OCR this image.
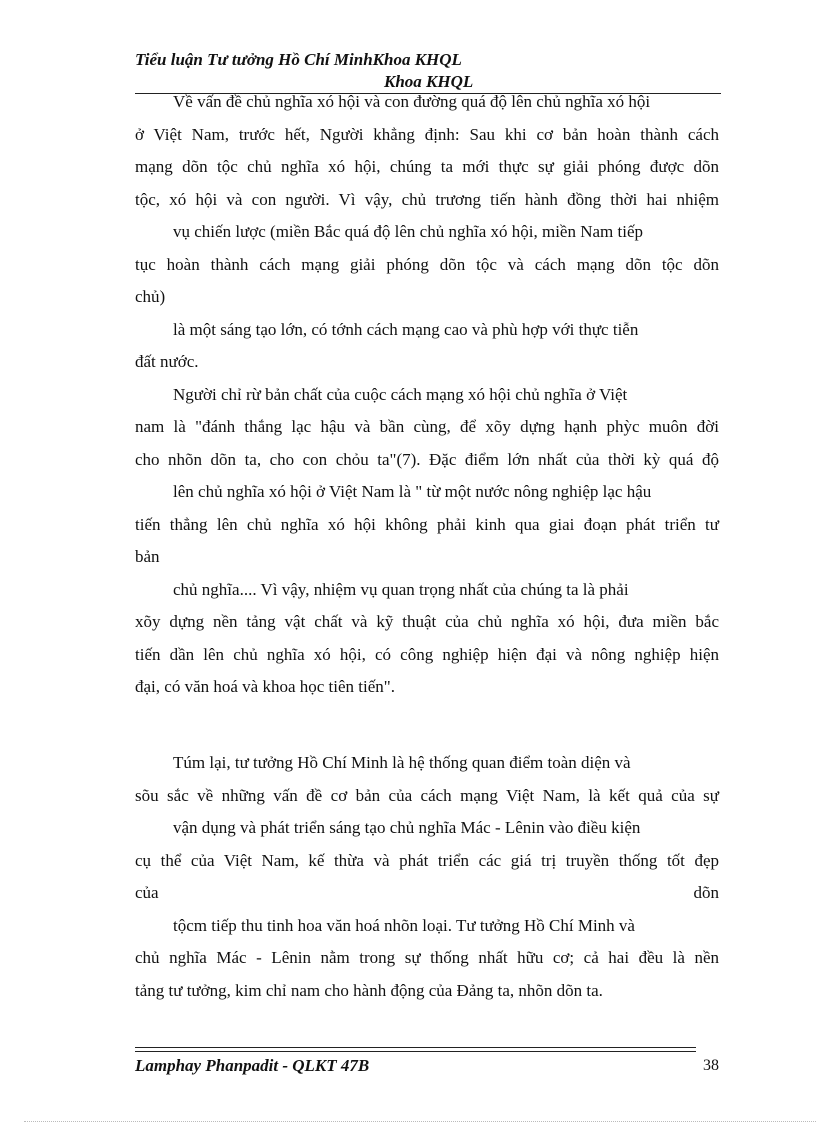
Tiểu luận Tư tưởng Hồ Chí MinhKhoa KHQL
Khoa KHQL
Về vấn đề chủ nghĩa xó hội và con đường quá độ lên chủ nghĩa xó hội
ở Việt Nam, trước hết, Người khẳng định: Sau khi cơ bản hoàn thành cách
mạng dõn tộc chủ nghĩa xó hội, chúng ta mới thực sự giải phóng được dõn
tộc, xó hội và con người. Vì vậy, chủ trương tiến hành đồng thời hai nhiệm
vụ chiến lược (miền Bắc quá độ lên chủ nghĩa xó hội, miền Nam tiếp
tục hoàn thành cách mạng giải phóng dõn tộc và cách mạng dõn tộc dõn
chủ)
là một sáng tạo lớn, có tớnh cách mạng cao và phù hợp với thực tiễn
đất nước.
Người chỉ rừ bản chất của cuộc cách mạng xó hội chủ nghĩa ở Việt
nam là "đánh thắng lạc hậu và bần cùng, để xõy dựng hạnh phỳc muôn đời
cho nhõn dõn ta, cho con chỏu ta"(7). Đặc điểm lớn nhất của thời kỳ quá độ
lên chủ nghĩa xó hội ở Việt Nam là " từ một nước nông nghiệp lạc hậu
tiến thẳng lên chủ nghĩa xó hội không phải kinh qua giai đoạn phát triển tư
bản
chủ nghĩa.... Vì vậy, nhiệm vụ quan trọng nhất của chúng ta là phải
xõy dựng nền tảng vật chất và kỹ thuật của chủ nghĩa xó hội, đưa miền bắc
tiến dần lên chủ nghĩa xó hội, có công nghiệp hiện đại và nông nghiệp hiện
đại, có văn hoá và khoa học tiên tiến".
Túm lại, tư tưởng Hồ Chí Minh là hệ thống quan điểm toàn diện và
sõu sắc về những vấn đề cơ bản của cách mạng Việt Nam, là kết quả của sự
vận dụng và phát triển sáng tạo chủ nghĩa Mác - Lênin vào điều kiện
cụ thể của Việt Nam, kế thừa và phát triển các giá trị truyền thống tốt đẹp
của	dõn
tộcm tiếp thu tinh hoa văn hoá nhõn loại. Tư tưởng Hồ Chí Minh và
chủ nghĩa Mác - Lênin nằm trong sự thống nhất hữu cơ; cả hai đều là nền
tảng tư tưởng, kim chỉ nam cho hành động của Đảng ta, nhõn dõn ta.
Lamphay Phanpadit - QLKT 47B	38
